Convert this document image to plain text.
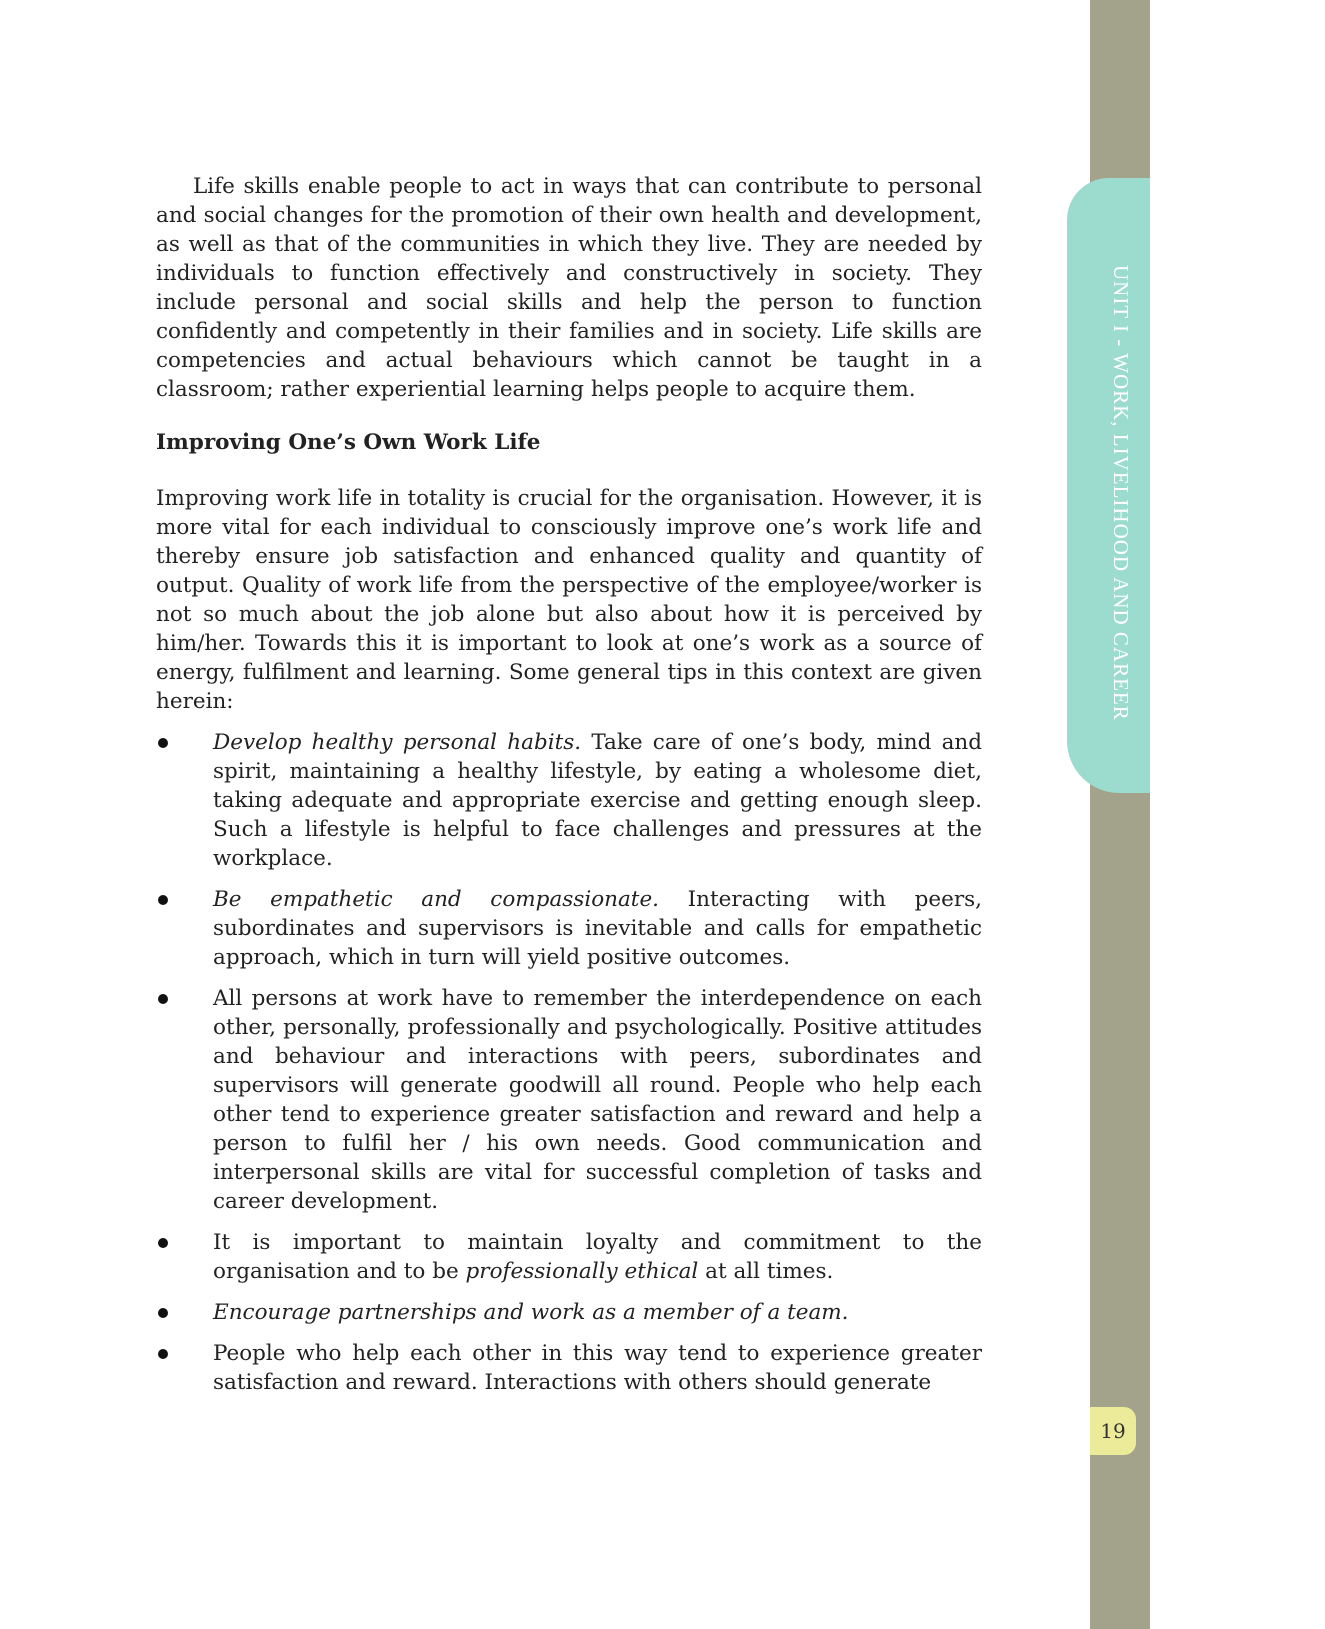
UNIT I - WORK, LIVELIHOOD AND CAREER
19

Life skills enable people to act in ways that can contribute to personal and social changes for the promotion of their own health and development, as well as that of the communities in which they live. They are needed by individuals to function effectively and constructively in society. They include personal and social skills and help the person to function confidently and competently in their families and in society. Life skills are competencies and actual behaviours which cannot be taught in a classroom; rather experiential learning helps people to acquire them.

Improving One’s Own Work Life

Improving work life in totality is crucial for the organisation. However, it is more vital for each individual to consciously improve one’s work life and thereby ensure job satisfaction and enhanced quality and quantity of output. Quality of work life from the perspective of the employee/worker is not so much about the job alone but also about how it is perceived by him/her. Towards this it is important to look at one’s work as a source of energy, fulfilment and learning. Some general tips in this context are given herein:

Develop healthy personal habits. Take care of one’s body, mind and spirit, maintaining a healthy lifestyle, by eating a wholesome diet, taking adequate and appropriate exercise and getting enough sleep. Such a lifestyle is helpful to face challenges and pressures at the workplace.
Be empathetic and compassionate. Interacting with peers, subordinates and supervisors is inevitable and calls for empathetic approach, which in turn will yield positive outcomes.
All persons at work have to remember the interdependence on each other, personally, professionally and psychologically. Positive attitudes and behaviour and interactions with peers, subordinates and supervisors will generate goodwill all round. People who help each other tend to experience greater satisfaction and reward and help a person to fulfil her / his own needs. Good communication and interpersonal skills are vital for successful completion of tasks and career development.
It is important to maintain loyalty and commitment to the organisation and to be professionally ethical at all times.
Encourage partnerships and work as a member of a team.
People who help each other in this way tend to experience greater satisfaction and reward. Interactions with others should generate
